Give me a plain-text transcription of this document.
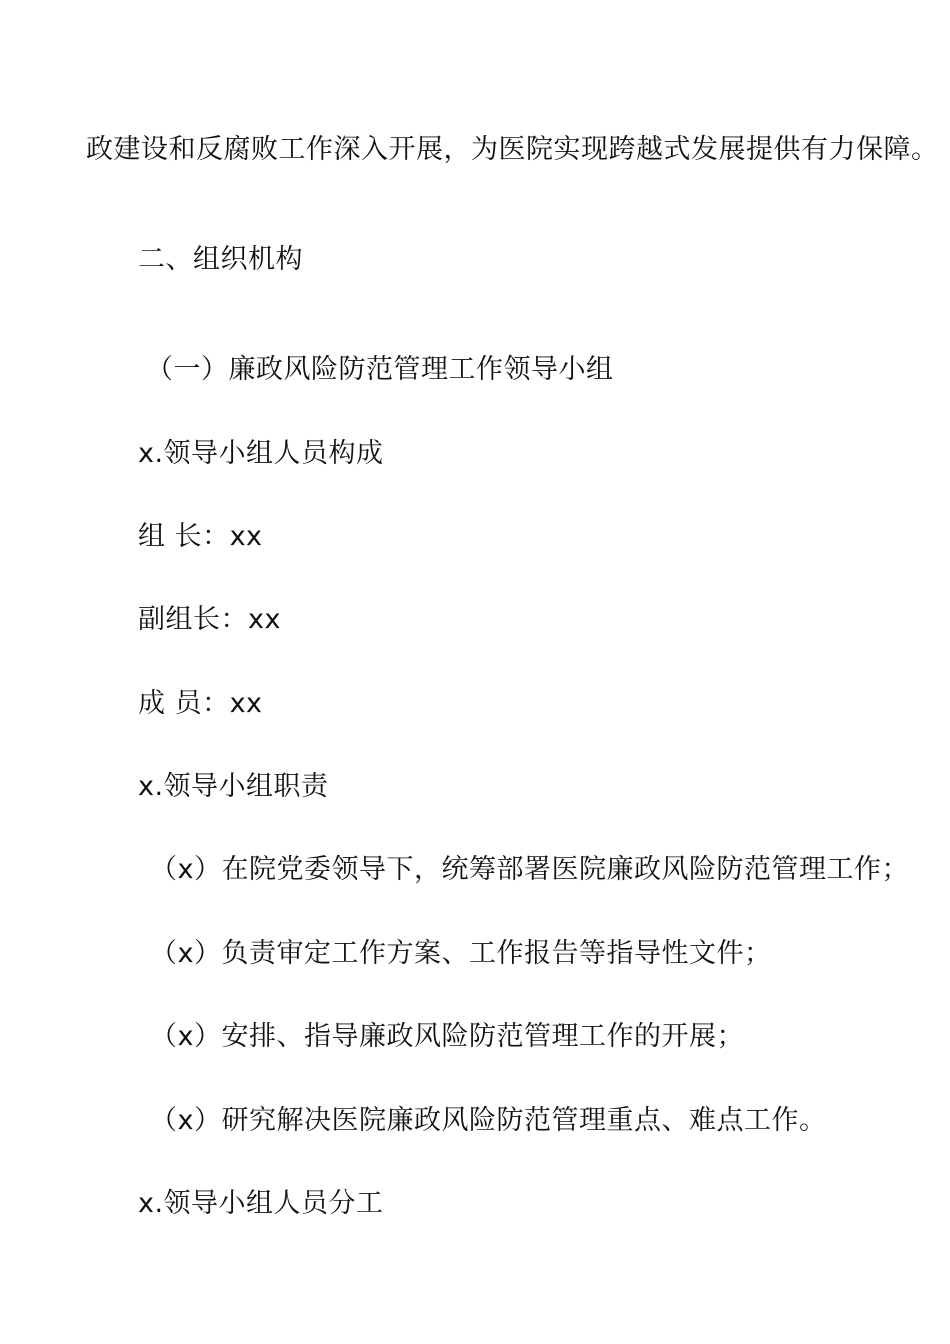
政建设和反腐败工作深入开展，为医院实现跨越式发展提供有力保障。
二、组织机构
（一）廉政风险防范管理工作领导小组
x.领导小组人员构成
组 长：xx
副组长：xx
成 员：xx
x.领导小组职责
（x）在院党委领导下，统筹部署医院廉政风险防范管理工作；
（x）负责审定工作方案、工作报告等指导性文件；
（x）安排、指导廉政风险防范管理工作的开展；
（x）研究解决医院廉政风险防范管理重点、难点工作。
x.领导小组人员分工
